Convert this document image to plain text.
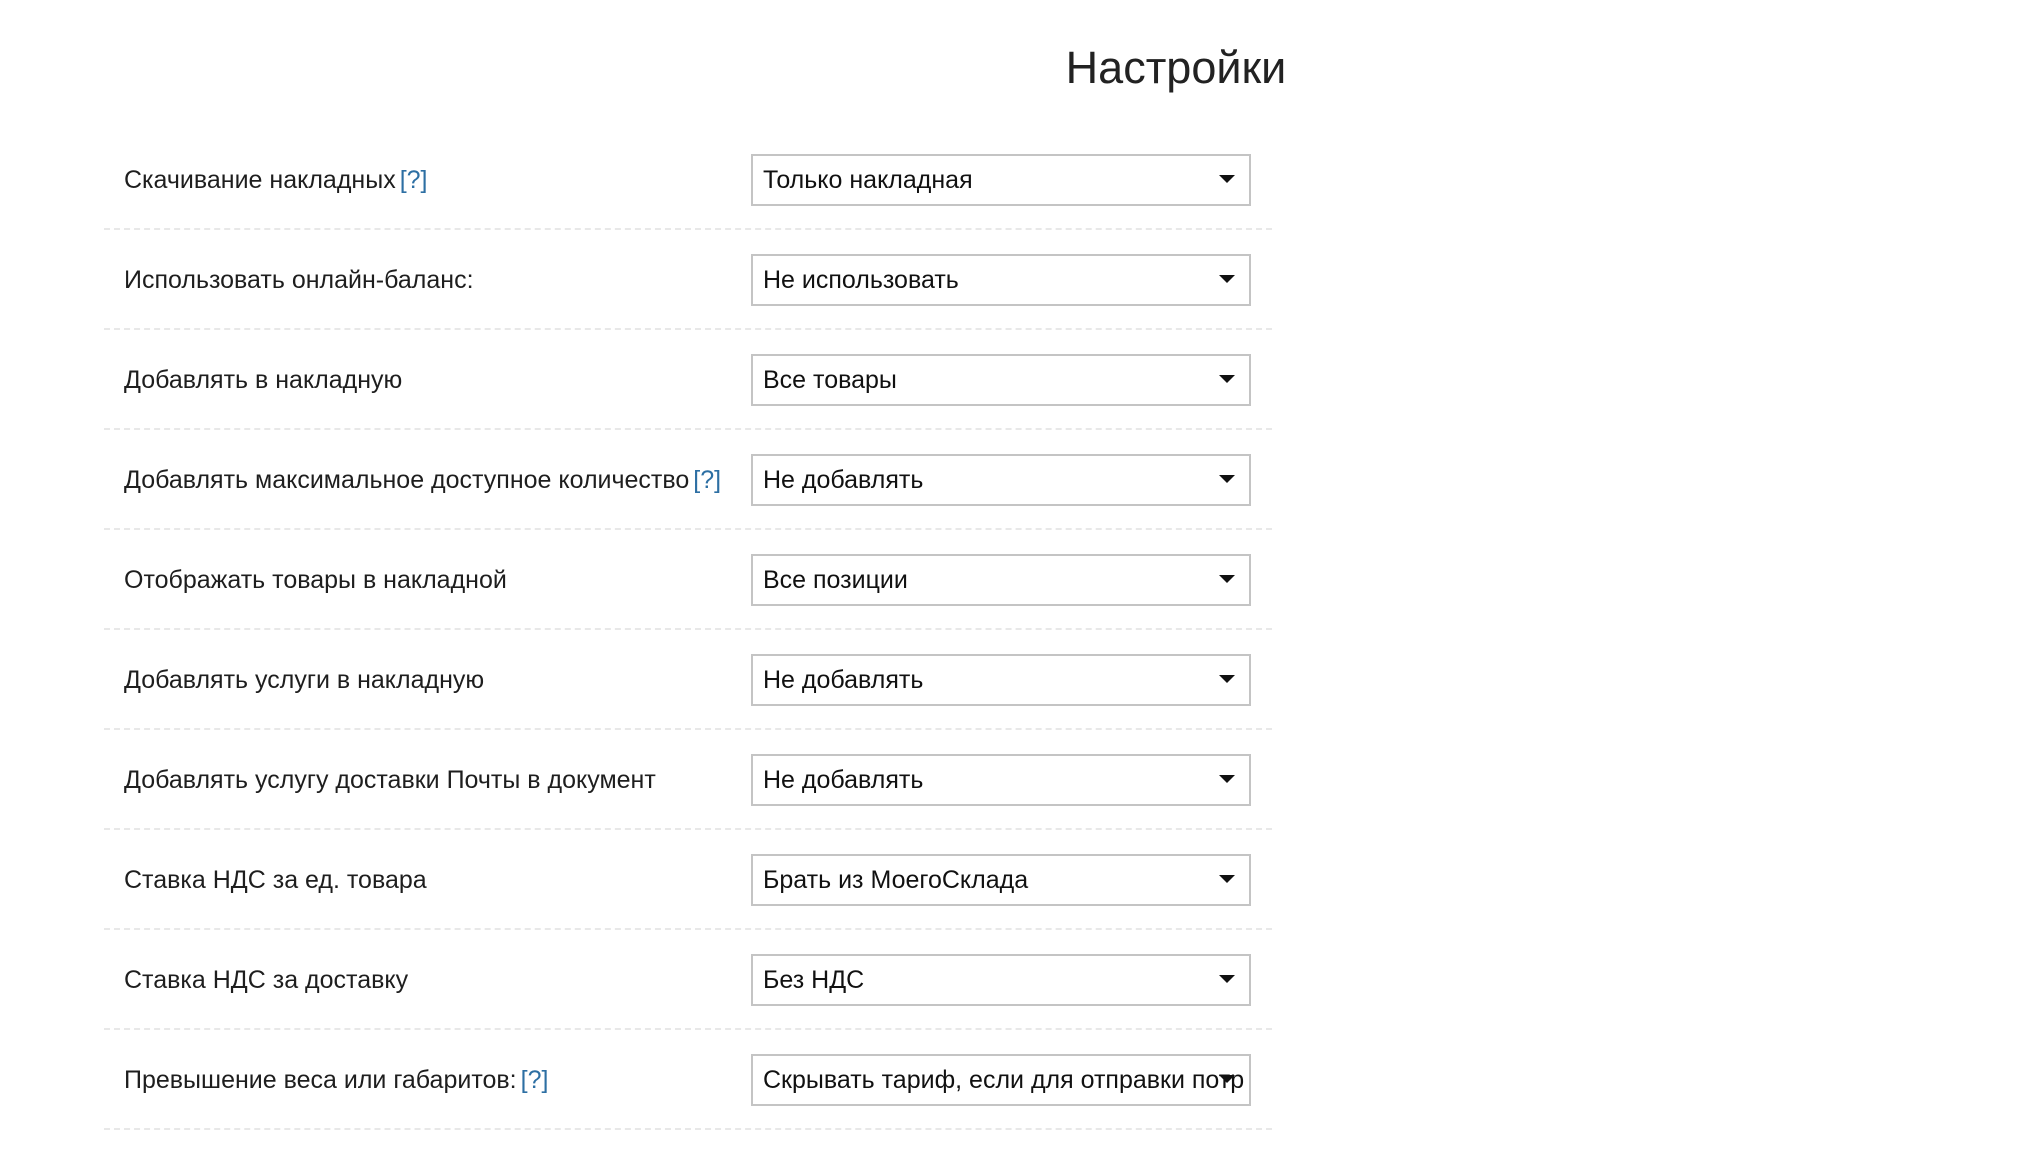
Настройки
Скачивание накладных [?]	Только накладная
Использовать онлайн-баланс:	Не использовать
Добавлять в накладную	Все товары
Добавлять максимальное доступное количество [?] Не добавлять
Отображать товары в накладной	Все позиции
Добавлять услуги в накладную	Не добавлять
Добавлять услугу доставки Почты в документ	Не добавлять
Ставка НДС за ед. товара	Брать из МоегоСклада
Ставка НДС за доставку	Без НДС
Превышение веса или габаритов: [?]	Скрывать тариф, если для отправки потр
